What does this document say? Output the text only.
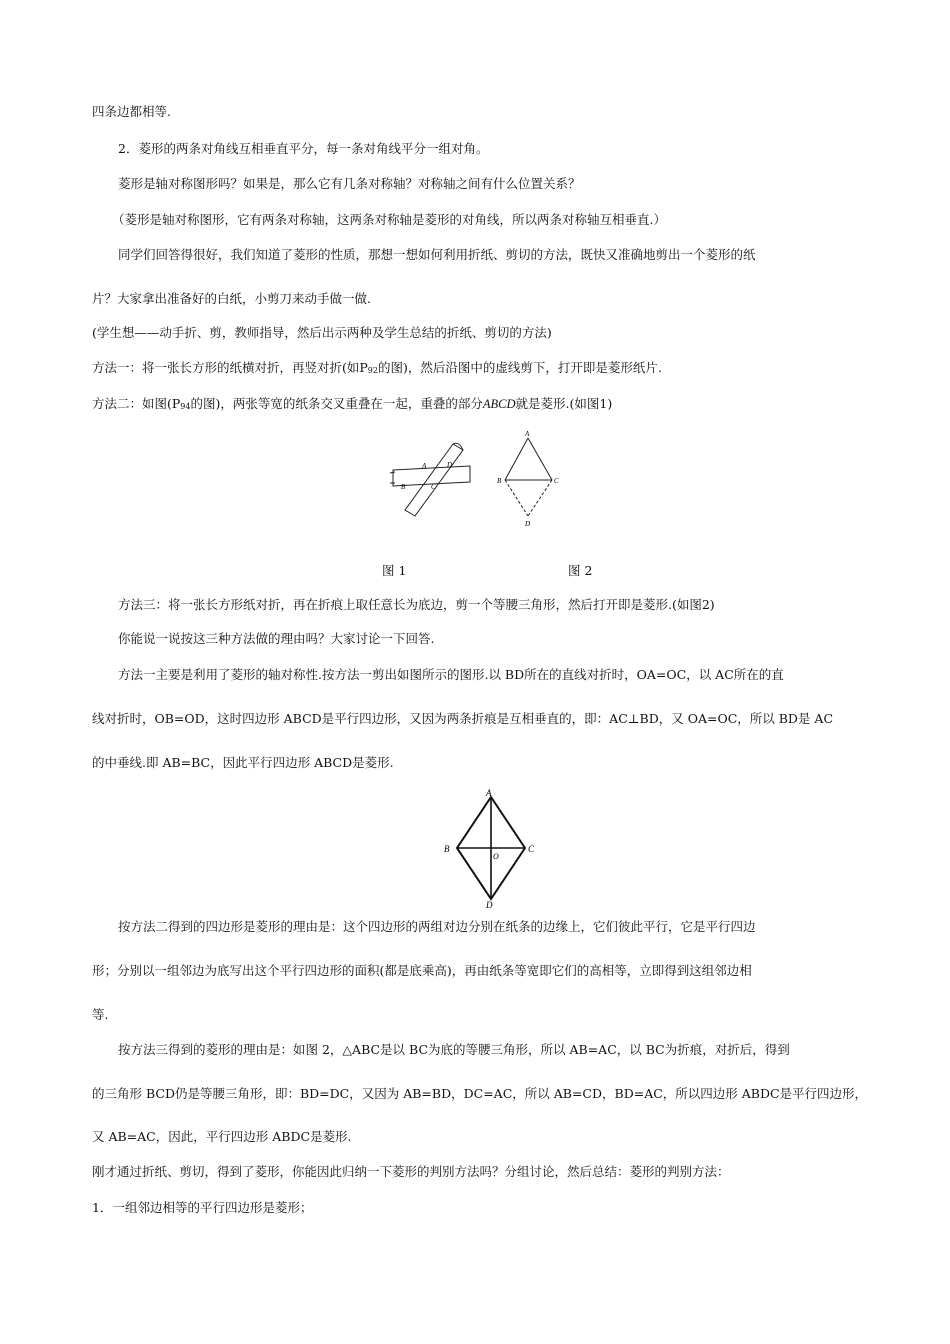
四条边都相等.
2．菱形的两条对角线互相垂直平分，每一条对角线平分一组对角。
菱形是轴对称图形吗？如果是，那么它有几条对称轴？对称轴之间有什么位置关系？
（菱形是轴对称图形，它有两条对称轴，这两条对称轴是菱形的对角线，所以两条对称轴互相垂直.）
同学们回答得很好，我们知道了菱形的性质，那想一想如何利用折纸、剪切的方法，既快又准确地剪出一个菱形的纸
片？大家拿出准备好的白纸，小剪刀来动手做一做.
(学生想——动手折、剪，教师指导，然后出示两种及学生总结的折纸、剪切的方法)
方法一：将一张长方形的纸横对折，再竖对折(如$P_{92}$的图)，然后沿图中的虚线剪下，打开即是菱形纸片.
方法二：如图($P_{94}$的图)，两张等宽的纸条交叉重叠在一起，重叠的部分ABCD就是菱形.(如图1)
A	D
B	C
A
B	C
D
图 1	图 2
方法三：将一张长方形纸对折，再在折痕上取任意长为底边，剪一个等腰三角形，然后打开即是菱形.(如图2)
你能说一说按这三种方法做的理由吗？大家讨论一下回答.
方法一主要是利用了菱形的轴对称性.按方法一剪出如图所示的图形.以 BD所在的直线对折时，OA=OC，以 AC所在的直
线对折时，OB=OD，这时四边形 ABCD是平行四边形，又因为两条折痕是互相垂直的，即：AC⊥BD，又 OA=OC，所以 BD是 AC
的中垂线.即 AB=BC，因此平行四边形 ABCD是菱形.
A
B	C
D
O
按方法二得到的四边形是菱形的理由是：这个四边形的两组对边分别在纸条的边缘上，它们彼此平行，它是平行四边
形；分别以一组邻边为底写出这个平行四边形的面积(都是底乘高)，再由纸条等宽即它们的高相等，立即得到这组邻边相
等.
按方法三得到的菱形的理由是：如图 2，△ABC是以 BC为底的等腰三角形，所以 AB=AC，以 BC为折痕，对折后，得到
的三角形 BCD仍是等腰三角形，即：BD=DC，又因为 AB=BD，DC=AC，所以 AB=CD，BD=AC，所以四边形 ABDC是平行四边形，
又 AB=AC，因此，平行四边形 ABDC是菱形.
刚才通过折纸、剪切，得到了菱形，你能因此归纳一下菱形的判别方法吗？分组讨论，然后总结：菱形的判别方法：
1．一组邻边相等的平行四边形是菱形；
